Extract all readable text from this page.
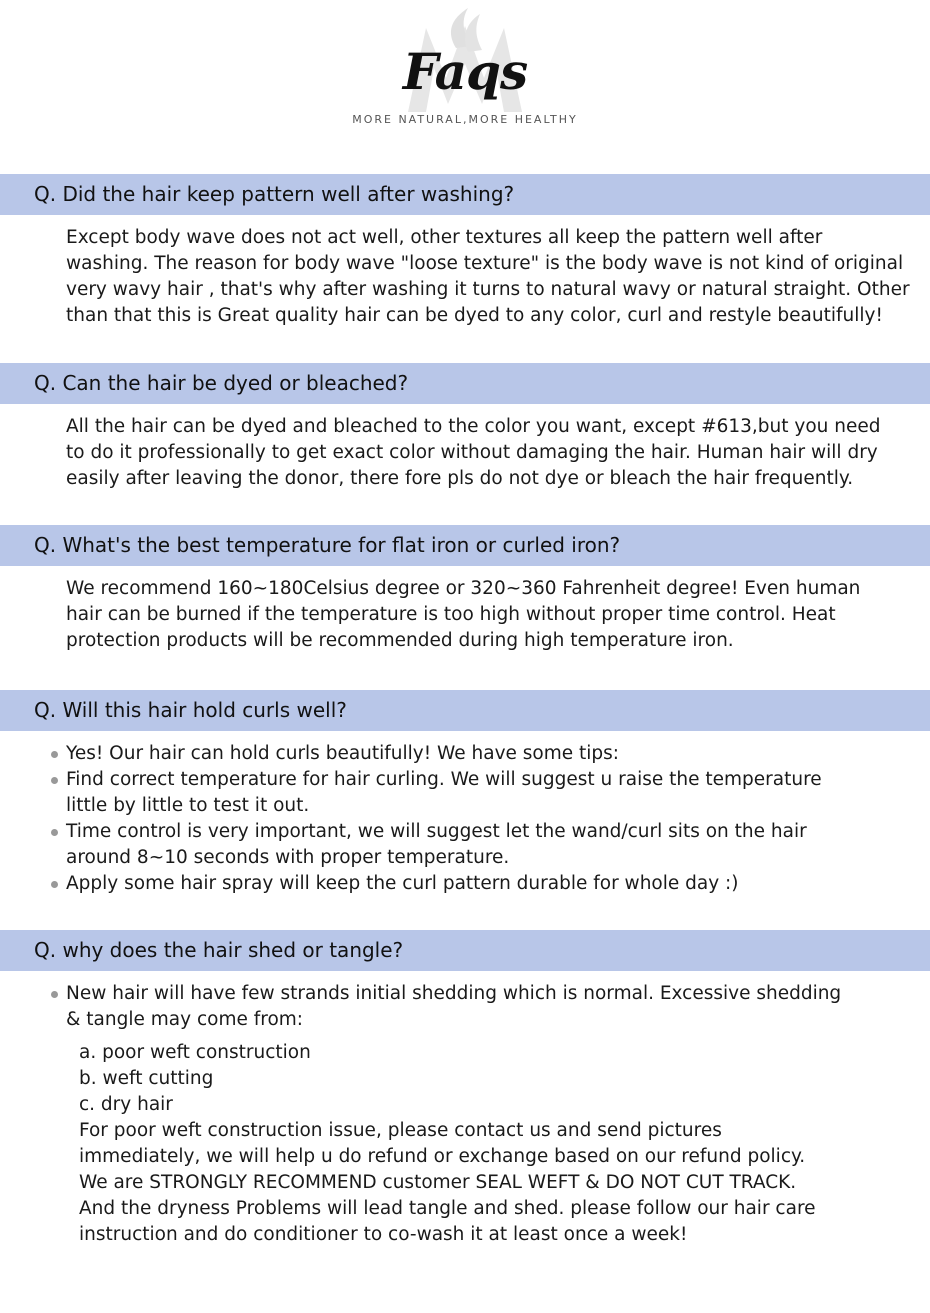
Faqs
MORE NATURAL,MORE HEALTHY
Q. Did the hair keep pattern well after washing?

Except body wave does not act well, other textures all keep the pattern well after

washing. The reason for body wave "loose texture" is the body wave is not kind of original

very wavy hair , that's why after washing it turns to natural wavy or natural straight. Other

than that this is Great quality hair can be dyed to any color, curl and restyle beautifully!

Q. Can the hair be dyed or bleached?

All the hair can be dyed and bleached to the color you want, except #613,but you need

to do it professionally to get exact color without damaging the hair. Human hair will dry

easily after leaving the donor, there fore pls do not dye or bleach the hair frequently.

Q. What's the best temperature for flat iron or curled iron?

We recommend 160~180Celsius degree or 320~360 Fahrenheit degree! Even human

hair can be burned if the temperature is too high without proper time control. Heat

protection products will be recommended during high temperature iron.

Q. Will this hair hold curls well?

Yes! Our hair can hold curls beautifully! We have some tips:

Find correct temperature for hair curling. We will suggest u raise the temperature

little by little to test it out.

Time control is very important, we will suggest let the wand/curl sits on the hair

around 8~10 seconds with proper temperature.

Apply some hair spray will keep the curl pattern durable for whole day :)

Q. why does the hair shed or tangle?

New hair will have few strands initial shedding which is normal. Excessive shedding

& tangle may come from:

a. poor weft construction

b. weft cutting

c. dry hair

For poor weft construction issue, please contact us and send pictures

immediately, we will help u do refund or exchange based on our refund policy.

We are STRONGLY RECOMMEND customer SEAL WEFT & DO NOT CUT TRACK.

And the dryness Problems will lead tangle and shed. please follow our hair care

instruction and do conditioner to co-wash it at least once a week!
